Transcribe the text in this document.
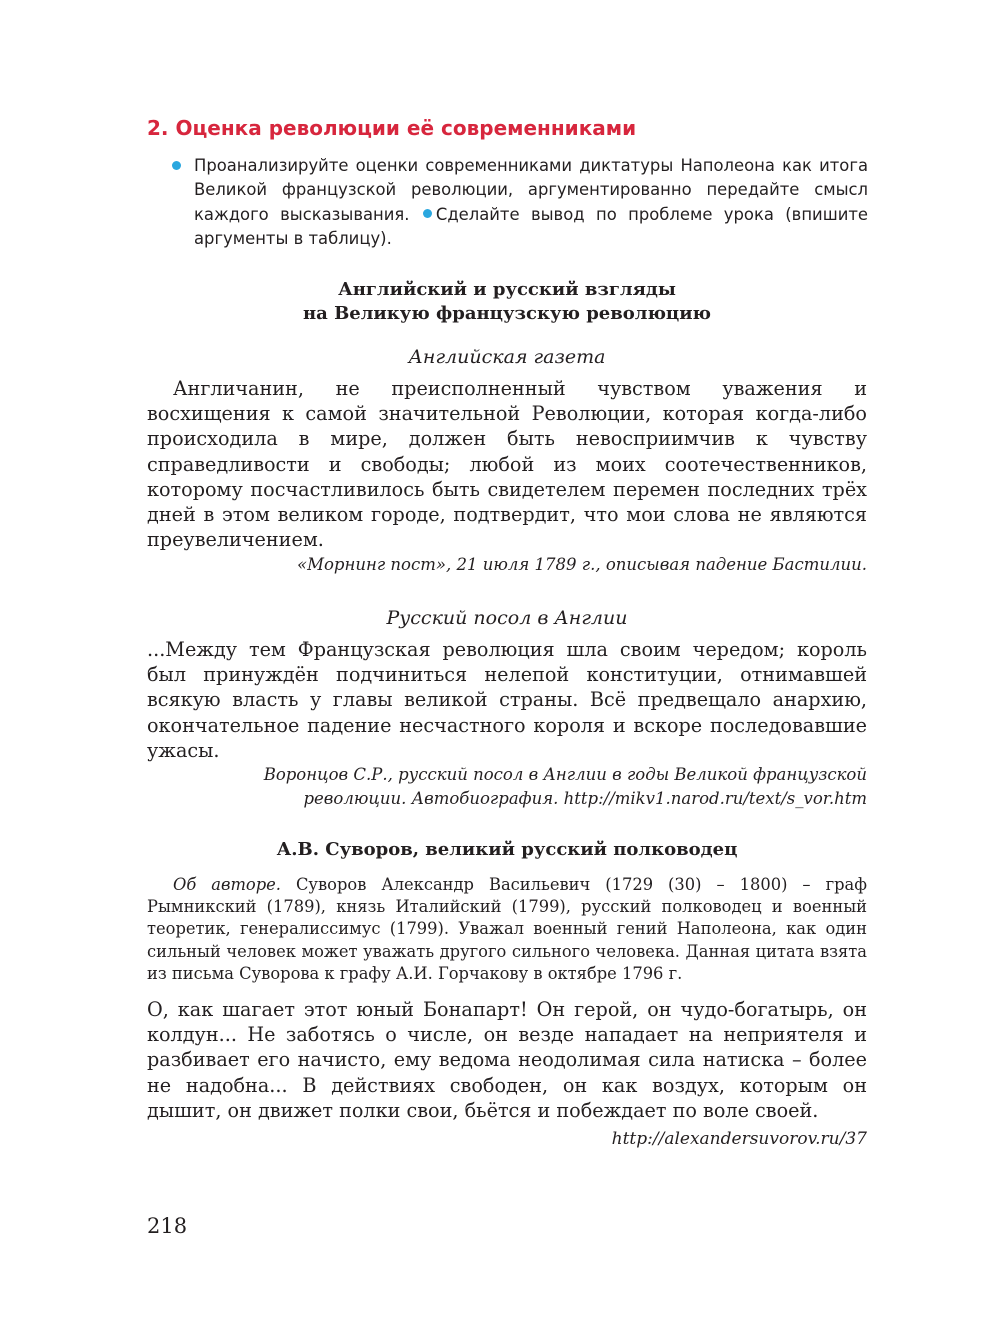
2. Оценка революции её современниками
Проанализируйте оценки современниками диктатуры Наполеона как итога Великой французской революции, аргументированно передайте смысл каждого высказывания. Сделайте вывод по проблеме урока (впишите аргументы в таблицу).
Английский и русский взгляды
на Великую французскую революцию
Английская газета
Англичанин, не преисполненный чувством уважения и восхищения к самой значительной Революции, которая когда-либо происходила в мире, должен быть невосприимчив к чувству справедливости и свободы; любой из моих соотечественников, которому посчастливилось быть свидетелем перемен последних трёх дней в этом великом городе, подтвердит, что мои слова не являются преувеличением.
«Морнинг пост», 21 июля 1789 г., описывая падение Бастилии.
Русский посол в Англии
...Между тем Французская революция шла своим чередом; король был принуждён подчиниться нелепой конституции, отнимавшей всякую власть у главы великой страны. Всё предвещало анархию, окончательное падение несчастного короля и вскоре последовавшие ужасы.
Воронцов С.Р., русский посол в Англии в годы Великой французской
революции. Автобиография. http://mikv1.narod.ru/text/s_vor.htm
А.В. Суворов, великий русский полководец
Об авторе. Суворов Александр Васильевич (1729 (30) – 1800) – граф Рымникский (1789), князь Италийский (1799), русский полководец и военный теоретик, генералиссимус (1799). Уважал военный гений Наполеона, как один сильный человек может уважать другого сильного человека. Данная цитата взята из письма Суворова к графу А.И. Горчакову в октябре 1796 г.
О, как шагает этот юный Бонапарт! Он герой, он чудо-богатырь, он колдун... Не заботясь о числе, он везде нападает на неприятеля и разбивает его начисто, ему ведома неодолимая сила натиска – более не надобна... В действиях свободен, он как воздух, которым он дышит, он движет полки свои, бьётся и побеждает по воле своей.
http://alexandersuvorov.ru/37
218
